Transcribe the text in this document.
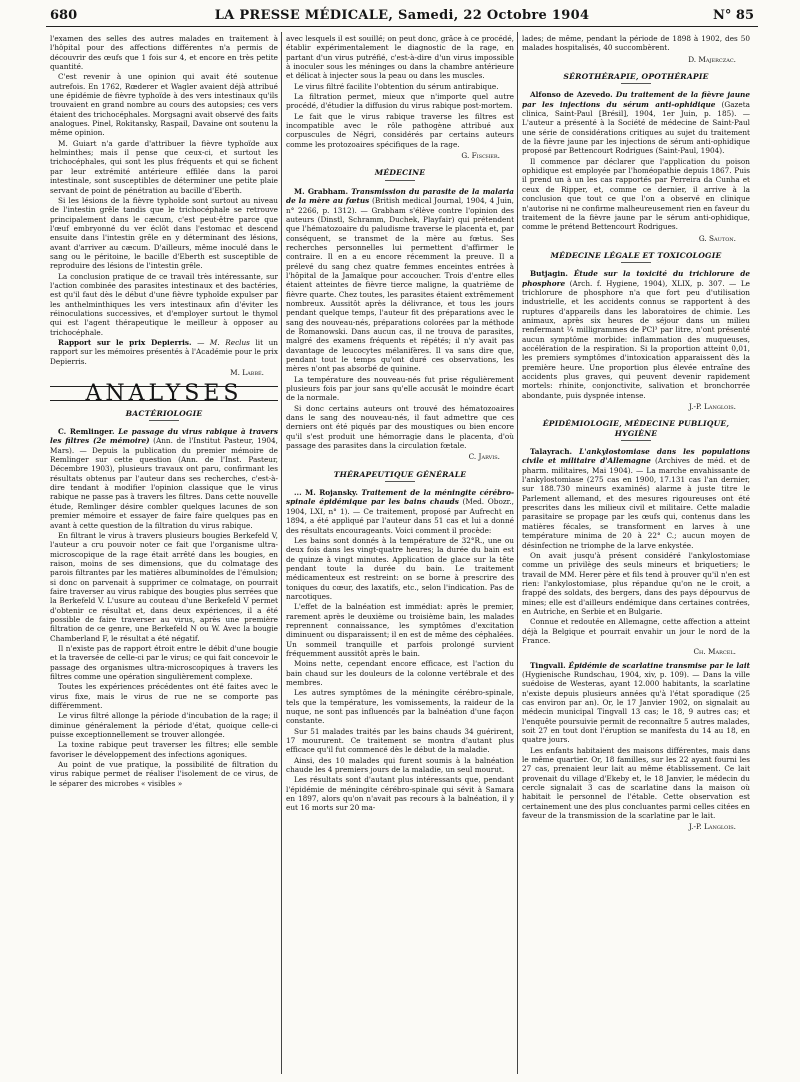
680	LA PRESSE MÉDICALE, Samedi, 22 Octobre 1904	N° 85

l'examen des selles des autres malades en traitement à l'hôpital pour des affections différentes n'a permis de découvrir des œufs que 1 fois sur 4, et encore en très petite quantité.

C'est revenir à une opinion qui avait été soutenue autrefois. En 1762, Rœderer et Wagler avaient déjà attribué une épidémie de fièvre typhoïde à des vers intestinaux qu'ils trouvaient en grand nombre au cours des autopsies; ces vers étaient des trichocéphales. Morgsagni avait observé des faits analogues. Pinel, Rokitansky, Raspail, Davaine ont soutenu la même opinion.

M. Guiart n'a garde d'attribuer la fièvre typhoïde aux helminthes; mais il pense que ceux-ci, et surtout les trichocéphales, qui sont les plus fréquents et qui se fichent par leur extrémité antérieure effilée dans la paroi intestinale, sont susceptibles de déterminer une petite plaie servant de point de pénétration au bacille d'Eberth.

Si les lésions de la fièvre typhoïde sont surtout au niveau de l'intestin grêle tandis que le trichocéphale se retrouve principalement dans le cæcum, c'est peut-être parce que l'œuf embryonné du ver éclôt dans l'estomac et descend ensuite dans l'intestin grêle en y déterminant des lésions, avant d'arriver au cæcum. D'ailleurs, même inoculé dans le sang ou le péritoine, le bacille d'Eberth est susceptible de reproduire des lésions de l'intestin grêle.

La conclusion pratique de ce travail très intéressante, sur l'action combinée des parasites intestinaux et des bactéries, est qu'il faut dès le début d'une fièvre typhoïde expulser par les anthelminthiques les vers intestinaux afin d'éviter les réinoculations successives, et d'employer surtout le thymol qui est l'agent thérapeutique le meilleur à opposer au trichocéphale.

Rapport sur le prix Depierris. — M. Reclus lit un rapport sur les mémoires présentés à l'Académie pour le prix Depierris.

M. Labbé.
ANALYSES
BACTÉRIOLOGIE

C. Remlinger. Le passage du virus rabique à travers les filtres (2e mémoire) (Ann. de l'Institut Pasteur, 1904, Mars). — Depuis la publication du premier mémoire de Remlinger sur cette question (Ann. de l'Inst. Pasteur, Décembre 1903), plusieurs travaux ont paru, confirmant les résultats obtenus par l'auteur dans ses recherches, c'est-à-dire tendant à modifier l'opinion classique que le virus rabique ne passe pas à travers les filtres. Dans cette nouvelle étude, Remlinger désire combler quelques lacunes de son premier mémoire et essayer de faire faire quelques pas en avant à cette question de la filtration du virus rabique.

En filtrant le virus à travers plusieurs bougies Berkefeld V, l'auteur a cru pouvoir noter ce fait que l'organisme ultra-microscopique de la rage était arrêté dans les bougies, en raison, moins de ses dimensions, que du colmatage des parois filtrantes par les matières albuminoïdes de l'émulsion; si donc on parvenait à supprimer ce colmatage, on pourrait faire traverser au virus rabique des bougies plus serrées que la Berkefeld V. L'usure au couteau d'une Berkefeld V permet d'obtenir ce résultat et, dans deux expériences, il a été possible de faire traverser au virus, après une première filtration de ce genre, une Berkefeld N ou W. Avec la bougie Chamberland F, le résultat a été négatif.

Il n'existe pas de rapport étroit entre le débit d'une bougie et la traversée de celle-ci par le virus; ce qui fait concevoir le passage des organismes ultra-microscopiques à travers les filtres comme une opération singulièrement complexe.

Toutes les expériences précédentes ont été faites avec le virus fixe, mais le virus de rue ne se comporte pas différemment.

Le virus filtré allonge la période d'incubation de la rage; il diminue généralement la période d'état, quoique celle-ci puisse exceptionnellement se trouver allongée.

La toxine rabique peut traverser les filtres; elle semble favoriser le développement des infections agoniques.

Au point de vue pratique, la possibilité de filtration du virus rabique permet de réaliser l'isolement de ce virus, de le séparer des microbes « visibles »

avec lesquels il est souillé; on peut donc, grâce à ce procédé, établir expérimentalement le diagnostic de la rage, en partant d'un virus putréfié, c'est-à-dire d'un virus impossible à inoculer sous les méninges ou dans la chambre antérieure et délicat à injecter sous la peau ou dans les muscles.

Le virus filtré facilite l'obtention du sérum antirabique.

La filtration permet, mieux que n'importe quel autre procédé, d'étudier la diffusion du virus rabique post-mortem.

Le fait que le virus rabique traverse les filtres est incompatible avec le rôle pathogène attribué aux corpuscules de Négri, considérés par certains auteurs comme les protozoaires spécifiques de la rage.

G. Fischer.
MÉDECINE

M. Grabham. Transmission du parasite de la malaria de la mère au fœtus (British medical Journal, 1904, 4 Juin, n° 2266, p. 1312). — Grabham s'élève contre l'opinion des auteurs (Dinstl, Schramm, Duchek, Playfair) qui prétendent que l'hématozoaire du paludisme traverse le placenta et, par conséquent, se transmet de la mère au fœtus. Ses recherches personnelles lui permettent d'affirmer le contraire. Il en a eu encore récemment la preuve. Il a prélevé du sang chez quatre femmes enceintes entrées à l'hôpital de la Jamaïque pour accoucher. Trois d'entre elles étaient atteintes de fièvre tierce maligne, la quatrième de fièvre quarte. Chez toutes, les parasites étaient extrêmement nombreux. Aussitôt après la délivrance, et tous les jours pendant quelque temps, l'auteur fit des préparations avec le sang des nouveau-nés, préparations colorées par la méthode de Romanowski. Dans aucun cas, il ne trouva de parasites, malgré des examens fréquents et répétés; il n'y avait pas davantage de leucocytes mélanifères. Il va sans dire que, pendant tout le temps qu'ont duré ces observations, les mères n'ont pas absorbé de quinine.

La température des nouveau-nés fut prise régulièrement plusieurs fois par jour sans qu'elle accusât le moindre écart de la normale.

Si donc certains auteurs ont trouvé des hématozoaires dans le sang des nouveau-nés, il faut admettre que ces derniers ont été piqués par des moustiques ou bien encore qu'il s'est produit une hémorragie dans le placenta, d'où passage des parasites dans la circulation fœtale.

C. Jarvis.
THÉRAPEUTIQUE GÉNÉRALE

... M. Rojansky. Traitement de la méningite cérébro-spinale épidémique par les bains chauds (Med. Obozr., 1904, LXI, n° 1). — Ce traitement, proposé par Aufrecht en 1894, a été appliqué par l'auteur dans 51 cas et lui a donné des résultats encourageants. Voici comment il procède:

Les bains sont donnés à la température de 32°R., une ou deux fois dans les vingt-quatre heures; la durée du bain est de quinze à vingt minutes. Application de glace sur la tête pendant toute la durée du bain. Le traitement médicamenteux est restreint: on se borne à prescrire des toniques du cœur, des laxatifs, etc., selon l'indication. Pas de narcotiques.

L'effet de la balnéation est immédiat: après le premier, rarement après le deuxième ou troisième bain, les malades reprennent connaissance, les symptômes d'excitation diminuent ou disparaissent; il en est de même des céphalées. Un sommeil tranquille et parfois prolongé survient fréquemment aussitôt après le bain.

Moins nette, cependant encore efficace, est l'action du bain chaud sur les douleurs de la colonne vertébrale et des membres.

Les autres symptômes de la méningite cérébro-spinale, tels que la température, les vomissements, la raideur de la nuque, ne sont pas influencés par la balnéation d'une façon constante.

Sur 51 malades traités par les bains chauds 34 guérirent, 17 moururent. Ce traitement se montra d'autant plus efficace qu'il fut commencé dès le début de la maladie.

Ainsi, des 10 malades qui furent soumis à la balnéation chaude les 4 premiers jours de la maladie, un seul mourut.

Les résultats sont d'autant plus intéressants que, pendant l'épidémie de méningite cérébro-spinale qui sévit à Samara en 1897, alors qu'on n'avait pas recours à la balnéation, il y eut 16 morts sur 20 ma-

lades; de même, pendant la période de 1898 à 1902, des 50 malades hospitalisés, 40 succombèrent.

D. Majerczac.
SÉROTHÉRAPIE, OPOTHÉRAPIE

Alfonso de Azevedo. Du traitement de la fièvre jaune par les injections du sérum anti-ophidique (Gazeta clinica, Saint-Paul [Brésil], 1904, 1er Juin, p. 185). — L'auteur a présenté à la Société de médecine de Saint-Paul une série de considérations critiques au sujet du traitement de la fièvre jaune par les injections de sérum anti-ophidique proposé par Bettencourt Rodrigues (Saint-Paul, 1904).

Il commence par déclarer que l'application du poison ophidique est employée par l'homéopathie depuis 1867. Puis il prend un à un les cas rapportés par Perreira da Cunha et ceux de Ripper, et, comme ce dernier, il arrive à la conclusion que tout ce que l'on a observé en clinique n'autorise ni ne confirme malheureusement rien en faveur du traitement de la fièvre jaune par le sérum anti-ophidique, comme le prétend Bettencourt Rodrigues.

G. Sauton.
MÉDECINE LÉGALE ET TOXICOLOGIE

Butjagin. Étude sur la toxicité du trichlorure de phosphore (Arch. f. Hygiene, 1904), XLIX, p. 307. — Le trichlorure de phosphore n'a que fort peu d'utilisation industrielle, et les accidents connus se rapportent à des ruptures d'appareils dans les laboratoires de chimie. Les animaux, après six heures de séjour dans un milieu renfermant ¼ milligrammes de PCl³ par litre, n'ont présenté aucun symptôme morbide: inflammation des muqueuses, accélération de la respiration. Si la proportion atteint 0,01, les premiers symptômes d'intoxication apparaissent dès la première heure. Une proportion plus élevée entraîne des accidents plus graves, qui peuvent devenir rapidement mortels: rhinite, conjonctivite, salivation et bronchorrée abondante, puis dyspnée intense.

J.-P. Langlois.
ÉPIDÉMIOLOGIE, MÉDECINE PUBLIQUE, HYGIÈNE

Talayrach. L'ankylostomiase dans les populations civile et militaire d'Allemagne (Archives de méd. et de pharm. militaires, Mai 1904). — La marche envahissante de l'ankylostomiase (275 cas en 1900, 17.131 cas l'an dernier, sur 188.730 mineurs examinés) alarme à juste titre le Parlement allemand, et des mesures rigoureuses ont été prescrites dans les milieux civil et militaire. Cette maladie parasitaire se propage par les œufs qui, contenus dans les matières fécales, se transforment en larves à une température minima de 20 à 22° C.; aucun moyen de désinfection ne triomphe de la larve enkystée.

On avait jusqu'à présent considéré l'ankylostomiase comme un privilège des seuls mineurs et briquetiers; le travail de MM. Herer père et fils tend à prouver qu'il n'en est rien: l'ankylostomiase, plus répandue qu'on ne le croit, a frappé des soldats, des bergers, dans des pays dépourvus de mines; elle est d'ailleurs endémique dans certaines contrées, en Autriche, en Serbie et en Bulgarie.

Connue et redoutée en Allemagne, cette affection a atteint déjà la Belgique et pourrait envahir un jour le nord de la France.

Ch. Marcel.

Tingvall. Épidémie de scarlatine transmise par le lait (Hygienische Rundschau, 1904, xiv, p. 109). — Dans la ville suédoise de Westeras, ayant 12.000 habitants, la scarlatine n'existe depuis plusieurs années qu'à l'état sporadique (25 cas environ par an). Or, le 17 Janvier 1902, on signalait au médecin municipal Tingvall 13 cas; le 18, 9 autres cas; et l'enquête poursuivie permit de reconnaître 5 autres malades, soit 27 en tout dont l'éruption se manifesta du 14 au 18, en quatre jours.

Les enfants habitaient des maisons différentes, mais dans le même quartier. Or, 18 familles, sur les 22 ayant fourni les 27 cas, prenaient leur lait au même établissement. Ce lait provenait du village d'Ekeby et, le 18 Janvier, le médecin du cercle signalait 3 cas de scarlatine dans la maison où habitait le personnel de l'étable. Cette observation est certainement une des plus concluantes parmi celles citées en faveur de la transmission de la scarlatine par le lait.

J.-P. Langlois.
